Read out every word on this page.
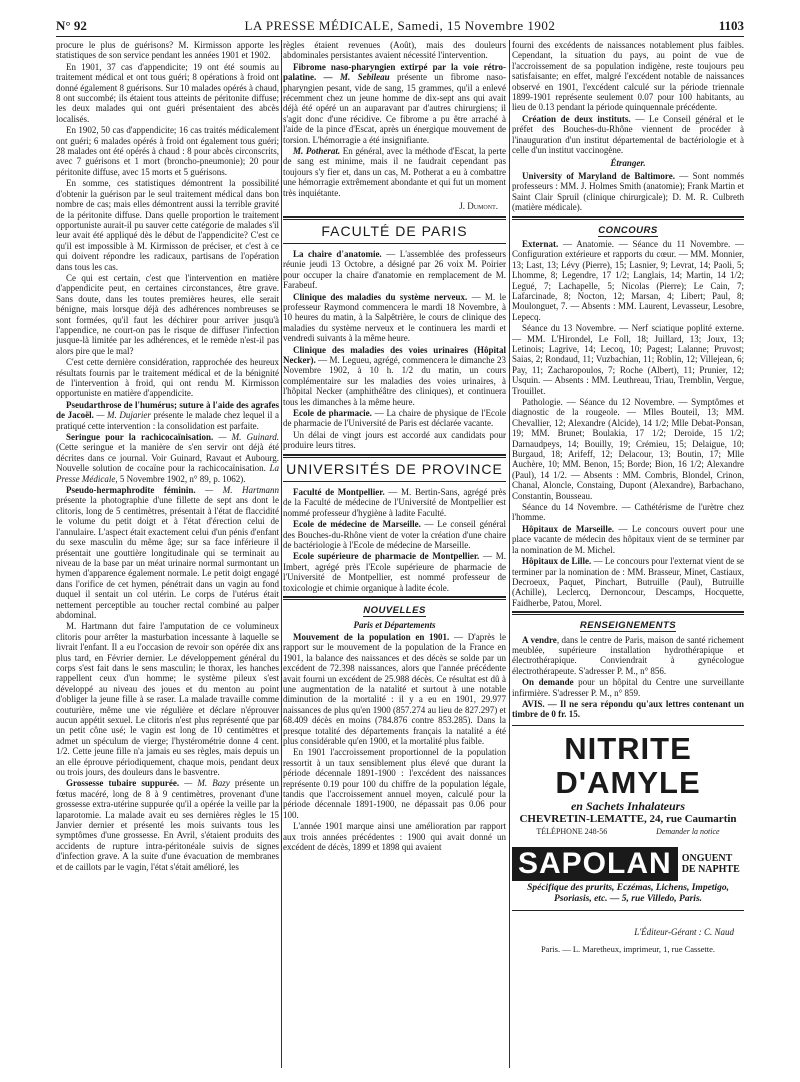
N° 92	LA PRESSE MÉDICALE, Samedi, 15 Novembre 1902	1103

procure le plus de guérisons? M. Kirmisson apporte les statistiques de son service pendant les années 1901 et 1902.

En 1901, 37 cas d'appendicite; 19 ont été soumis au traitement médical et ont tous guéri; 8 opérations à froid ont donné également 8 guérisons. Sur 10 malades opérés à chaud, 8 ont succombé; ils étaient tous atteints de péritonite diffuse; les deux malades qui ont guéri présentaient des abcès localisés.

En 1902, 50 cas d'appendicite; 16 cas traités médicalement ont guéri; 6 malades opérés à froid ont également tous guéri; 28 malades ont été opérés à chaud : 8 pour abcès circonscrits, avec 7 guérisons et 1 mort (broncho-pneumonie); 20 pour péritonite diffuse, avec 15 morts et 5 guérisons.

En somme, ces statistiques démontrent la possibilité d'obtenir la guérison par le seul traitement médical dans bon nombre de cas; mais elles démontrent aussi la terrible gravité de la péritonite diffuse. Dans quelle proportion le traitement opportuniste aurait-il pu sauver cette catégorie de malades s'il leur avait été appliqué dès le début de l'appendicite? C'est ce qu'il est impossible à M. Kirmisson de préciser, et c'est à ce qui doivent répondre les radicaux, partisans de l'opération dans tous les cas.

Ce qui est certain, c'est que l'intervention en matière d'appendicite peut, en certaines circonstances, être grave. Sans doute, dans les toutes premières heures, elle serait bénigne, mais lorsque déjà des adhérences nombreuses se sont formées, qu'il faut les déchirer pour arriver jusqu'à l'appendice, ne court-on pas le risque de diffuser l'infection jusque-là limitée par les adhérences, et le remède n'est-il pas alors pire que le mal?

C'est cette dernière considération, rapprochée des heureux résultats fournis par le traitement médical et de la bénignité de l'intervention à froid, qui ont rendu M. Kirmisson opportuniste en matière d'appendicite.

Pseudarthrose de l'humérus; suture à l'aide des agrafes de Jacoël. — M. Dujarier présente le malade chez lequel il a pratiqué cette intervention : la consolidation est parfaite.

Seringue pour la rachicocaïnisation. — M. Guinard. (Cette seringue et la manière de s'en servir ont déjà été décrites dans ce journal. Voir Guinard, Ravaut et Aubourg. Nouvelle solution de cocaïne pour la rachicocaïnisation. La Presse Médicale, 5 Novembre 1902, n° 89, p. 1062).

Pseudo-hermaphrodite féminin. — M. Hartmann présente la photographie d'une fillette de sept ans dont le clitoris, long de 5 centimètres, présentait à l'état de flaccidité le volume du petit doigt et à l'état d'érection celui de l'annulaire. L'aspect était exactement celui d'un pénis d'enfant du sexe masculin du même âge; sur sa face inférieure il présentait une gouttière longitudinale qui se terminait au niveau de la base par un méat urinaire normal surmontant un hymen d'apparence également normale. Le petit doigt engagé dans l'orifice de cet hymen, pénétrait dans un vagin au fond duquel il sentait un col utérin. Le corps de l'utérus était nettement perceptible au toucher rectal combiné au palper abdominal.

M. Hartmann dut faire l'amputation de ce volumineux clitoris pour arrêter la masturbation incessante à laquelle se livrait l'enfant. Il a eu l'occasion de revoir son opérée dix ans plus tard, en Février dernier. Le développement général du corps s'est fait dans le sens masculin; le thorax, les hanches rappellent ceux d'un homme; le système pileux s'est développé au niveau des joues et du menton au point d'obliger la jeune fille à se raser. La malade travaille comme couturière, même une vie régulière et déclare n'éprouver aucun appétit sexuel. Le clitoris n'est plus représenté que par un petit cône usé; le vagin est long de 10 centimètres et admet un spéculum de vierge; l'hystérométrie donne 4 cent. 1/2. Cette jeune fille n'a jamais eu ses règles, mais depuis un an elle éprouve périodiquement, chaque mois, pendant deux ou trois jours, des douleurs dans le basventre.

Grossesse tubaire suppurée. — M. Bazy présente un fœtus macéré, long de 8 à 9 centimètres, provenant d'une grossesse extra-utérine suppurée qu'il a opérée la veille par la laparotomie. La malade avait eu ses dernières règles le 15 Janvier dernier et présenté les mois suivants tous les symptômes d'une grossesse. En Avril, s'étaient produits des accidents de rupture intra-péritonéale suivis de signes d'infection grave. A la suite d'une évacuation de membranes et de caillots par le vagin, l'état s'était amélioré, les

règles étaient revenues (Août), mais des douleurs abdominales persistantes avaient nécessité l'intervention.

Fibrome naso-pharyngien extirpé par la voie rétro-palatine. — M. Sebileau présente un fibrome naso-pharyngien pesant, vide de sang, 15 grammes, qu'il a enlevé récemment chez un jeune homme de dix-sept ans qui avait déjà été opéré un an auparavant par d'autres chirurgiens; il s'agit donc d'une récidive. Ce fibrome a pu être arraché à l'aide de la pince d'Escat, après un énergique mouvement de torsion. L'hémorragie a été insignifiante.

M. Potherat. En général, avec la méthode d'Escat, la perte de sang est minime, mais il ne faudrait cependant pas toujours s'y fier et, dans un cas, M. Potherat a eu à combattre une hémorragie extrêmement abondante et qui fut un moment très inquiétante.

J. Dumont.
FACULTÉ DE PARIS

La chaire d'anatomie. — L'assemblée des professeurs réunie jeudi 13 Octobre, a désigné par 26 voix M. Poirier pour occuper la chaire d'anatomie en remplacement de M. Farabeuf.

Clinique des maladies du système nerveux. — M. le professeur Raymond commencera le mardi 18 Novembre, à 10 heures du matin, à la Salpêtrière, le cours de clinique des maladies du système nerveux et le continuera les mardi et vendredi suivants à la même heure.

Clinique des maladies des voies urinaires (Hôpital Necker). — M. Legueu, agrégé, commencera le dimanche 23 Novembre 1902, à 10 h. 1/2 du matin, un cours complémentaire sur les maladies des voies urinaires, à l'hôpital Necker (amphithéâtre des cliniques), et continuera tous les dimanches à la même heure.

Ecole de pharmacie. — La chaire de physique de l'Ecole de pharmacie de l'Université de Paris est déclarée vacante.

Un délai de vingt jours est accordé aux candidats pour produire leurs titres.

UNIVERSITÉS DE PROVINCE

Faculté de Montpellier. — M. Bertin-Sans, agrégé près de la Faculté de médecine de l'Université de Montpellier est nommé professeur d'hygiène à ladite Faculté.

Ecole de médecine de Marseille. — Le conseil général des Bouches-du-Rhône vient de voter la création d'une chaire de bactériologie à l'Ecole de médecine de Marseille.

Ecole supérieure de pharmacie de Montpellier. — M. Imbert, agrégé près l'Ecole supérieure de pharmacie de l'Université de Montpellier, est nommé professeur de toxicologie et chimie organique à ladite école.

NOUVELLES
Paris et Départements

Mouvement de la population en 1901. — D'après le rapport sur le mouvement de la population de la France en 1901, la balance des naissances et des décès se solde par un excédent de 72.398 naissances, alors que l'année précédente avait fourni un excédent de 25.988 décès. Ce résultat est dû à une augmentation de la natalité et surtout à une notable diminution de la mortalité : il y a eu en 1901, 29.977 naissances de plus qu'en 1900 (857.274 au lieu de 827.297) et 68.409 décès en moins (784.876 contre 853.285). Dans la presque totalité des départements français la natalité a été plus considérable qu'en 1900, et la mortalité plus faible.

En 1901 l'accroissement proportionnel de la population ressortit à un taux sensiblement plus élevé que durant la période décennale 1891-1900 : l'excédent des naissances représente 0.19 pour 100 du chiffre de la population légale, tandis que l'accroissement annuel moyen, calculé pour la période décennale 1891-1900, ne dépassait pas 0.06 pour 100.

L'année 1901 marque ainsi une amélioration par rapport aux trois années précédentes : 1900 qui avait donné un excédent de décès, 1899 et 1898 qui avaient

fourni des excédents de naissances notablement plus faibles. Cependant, la situation du pays, au point de vue de l'accroissement de sa population indigène, reste toujours peu satisfaisante; en effet, malgré l'excédent notable de naissances observé en 1901, l'excédent calculé sur la période triennale 1899-1901 représente seulement 0.07 pour 100 habitants, au lieu de 0.13 pendant la période quinquennale précédente.

Création de deux instituts. — Le Conseil général et le préfet des Bouches-du-Rhône viennent de procéder à l'inauguration d'un institut départemental de bactériologie et à celle d'un institut vaccinogène.

Étranger.

University of Maryland de Baltimore. — Sont nommés professeurs : MM. J. Holmes Smith (anatomie); Frank Martin et Saint Clair Spruil (clinique chirurgicale); D. M. R. Culbreth (matière médicale).

CONCOURS

Externat. — Anatomie. — Séance du 11 Novembre. — Configuration extérieure et rapports du cœur. — MM. Monnier, 13; Last, 13; Lévy (Pierre), 15; Lasnier, 9; Levrat, 14; Paoli, 5; Lhomme, 8; Legendre, 17 1/2; Langlais, 14; Martin, 14 1/2; Legué, 7; Lachapelle, 5; Nicolas (Pierre); Le Cain, 7; Lafarcinade, 8; Nocton, 12; Marsan, 4; Libert; Paul, 8; Moulonguet, 7. — Absents : MM. Laurent, Levasseur, Lesobre, Lepecq.

Séance du 13 Novembre. — Nerf sciatique poplité externe. — MM. L'Hirondel, Le Foll, 18; Juillard, 13; Joux, 13; Letinois; Lagrive, 14; Lecoq, 10; Pagest; Lalanne; Pruvost; Saias, 2; Rondaud, 11; Vuzbachian, 11; Roblin, 12; Villejean, 6; Pay, 11; Zacharopoulos, 7; Roche (Albert), 11; Prunier, 12; Usquin. — Absents : MM. Leuthreau, Triau, Tremblin, Vergue, Trouillet.

Pathologie. — Séance du 12 Novembre. — Symptômes et diagnostic de la rougeole. — Mlles Bouteil, 13; MM. Chevallier, 12; Alexandre (Alcide), 14 1/2; Mlle Debat-Ponsan, 19; MM. Brunet; Boulakia, 17 1/2; Deroide, 15 1/2; Darnaudpeys, 14; Bouilly, 19; Crémieu, 15; Delaigue, 10; Burgaud, 18; Arifeff, 12; Delacour, 13; Boutin, 17; Mlle Auchère, 10; MM. Benon, 15; Borde; Bion, 16 1/2; Alexandre (Paul), 14 1/2. — Absents : MM. Combris, Blondel, Crinon, Chanal, Aloncle, Constaing, Dupont (Alexandre), Barbachano, Constantin, Bousseau.

Séance du 14 Novembre. — Cathétérisme de l'urètre chez l'homme.

Hôpitaux de Marseille. — Le concours ouvert pour une place vacante de médecin des hôpitaux vient de se terminer par la nomination de M. Michel.

Hôpitaux de Lille. — Le concours pour l'externat vient de se terminer par la nomination de : MM. Brasseur, Minet, Castiaux, Decroeux, Paquet, Pinchart, Butruille (Paul), Butruille (Achille), Leclercq, Dernoncour, Descamps, Hocquette, Faidherbe, Patou, Morel.

RENSEIGNEMENTS

A vendre, dans le centre de Paris, maison de santé richement meublée, supérieure installation hydrothérapique et électrothérapique. Conviendrait à gynécologue électrothérapeute. S'adresser P. M., n° 856.

On demande pour un hôpital du Centre une surveillante infirmière. S'adresser P. M., n° 859.

AVIS. — Il ne sera répondu qu'aux lettres contenant un timbre de 0 fr. 15.

NITRITE D'AMYLE
en Sachets Inhalateurs
CHEVRETIN-LEMATTE, 24, rue Caumartin
TÉLÉPHONE 248-56	Demander la notice
SAPOLAN	ONGUENT DE NAPHTE
Spécifique des prurits, Eczémas, Lichens, Impetigo, Psoriasis, etc. — 5, rue Villedo, Paris.
L'Éditeur-Gérant : C. Naud
Paris. — L. Maretheux, imprimeur, 1, rue Cassette.
